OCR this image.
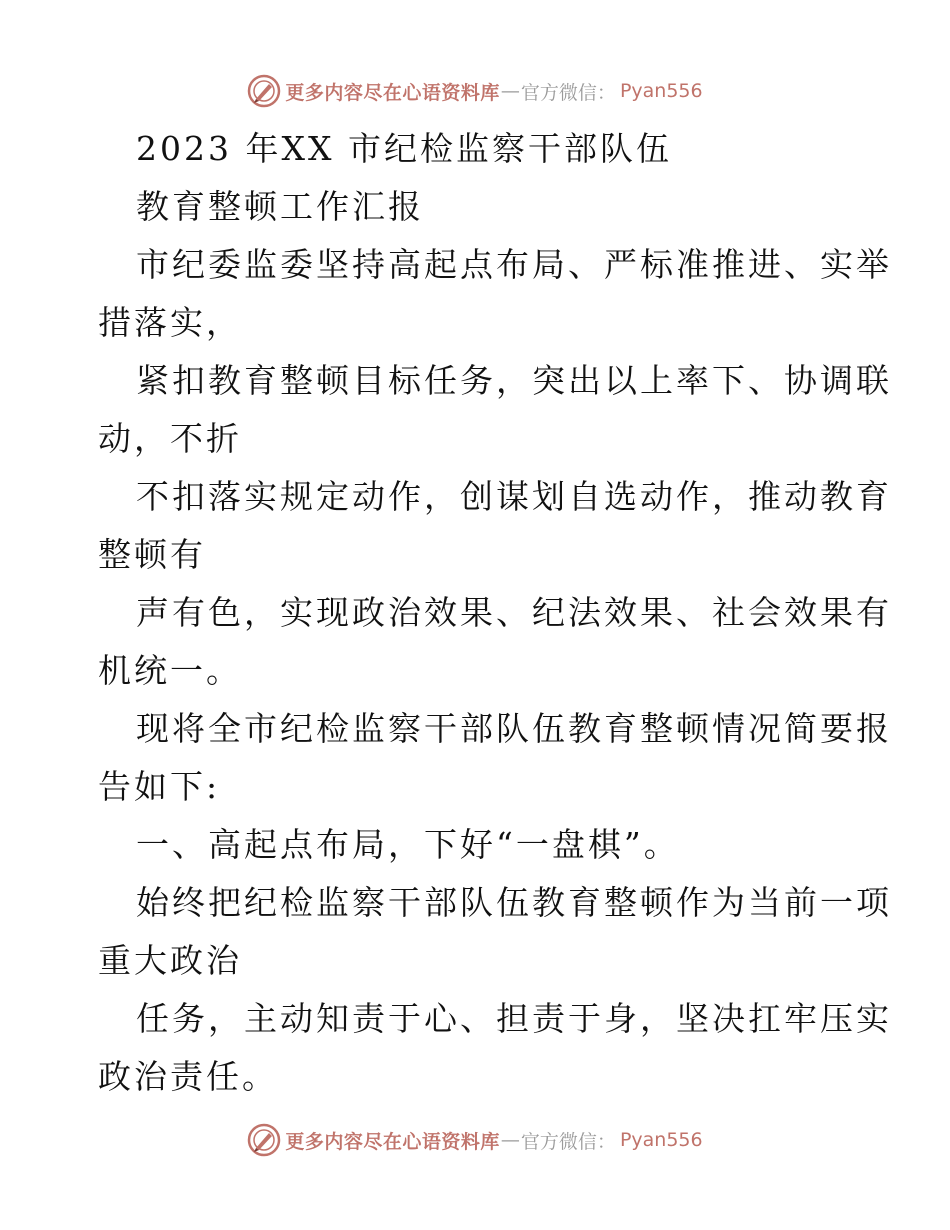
更多内容尽在心语资料库 — 官方微信： Pyan556
2023 年XX 市纪检监察干部队伍
教育整顿工作汇报
市纪委监委坚持高起点布局、严标准推进、实举
措落实，
紧扣教育整顿目标任务，突出以上率下、协调联
动，不折
不扣落实规定动作，创谋划自选动作，推动教育
整顿有
声有色，实现政治效果、纪法效果、社会效果有
机统一。
现将全市纪检监察干部队伍教育整顿情况简要报
告如下:
一、高起点布局，下好“一盘棋”。
始终把纪检监察干部队伍教育整顿作为当前一项
重大政治
任务，主动知责于心、担责于身，坚决扛牢压实
政治责任。
更多内容尽在心语资料库 — 官方微信： Pyan556
